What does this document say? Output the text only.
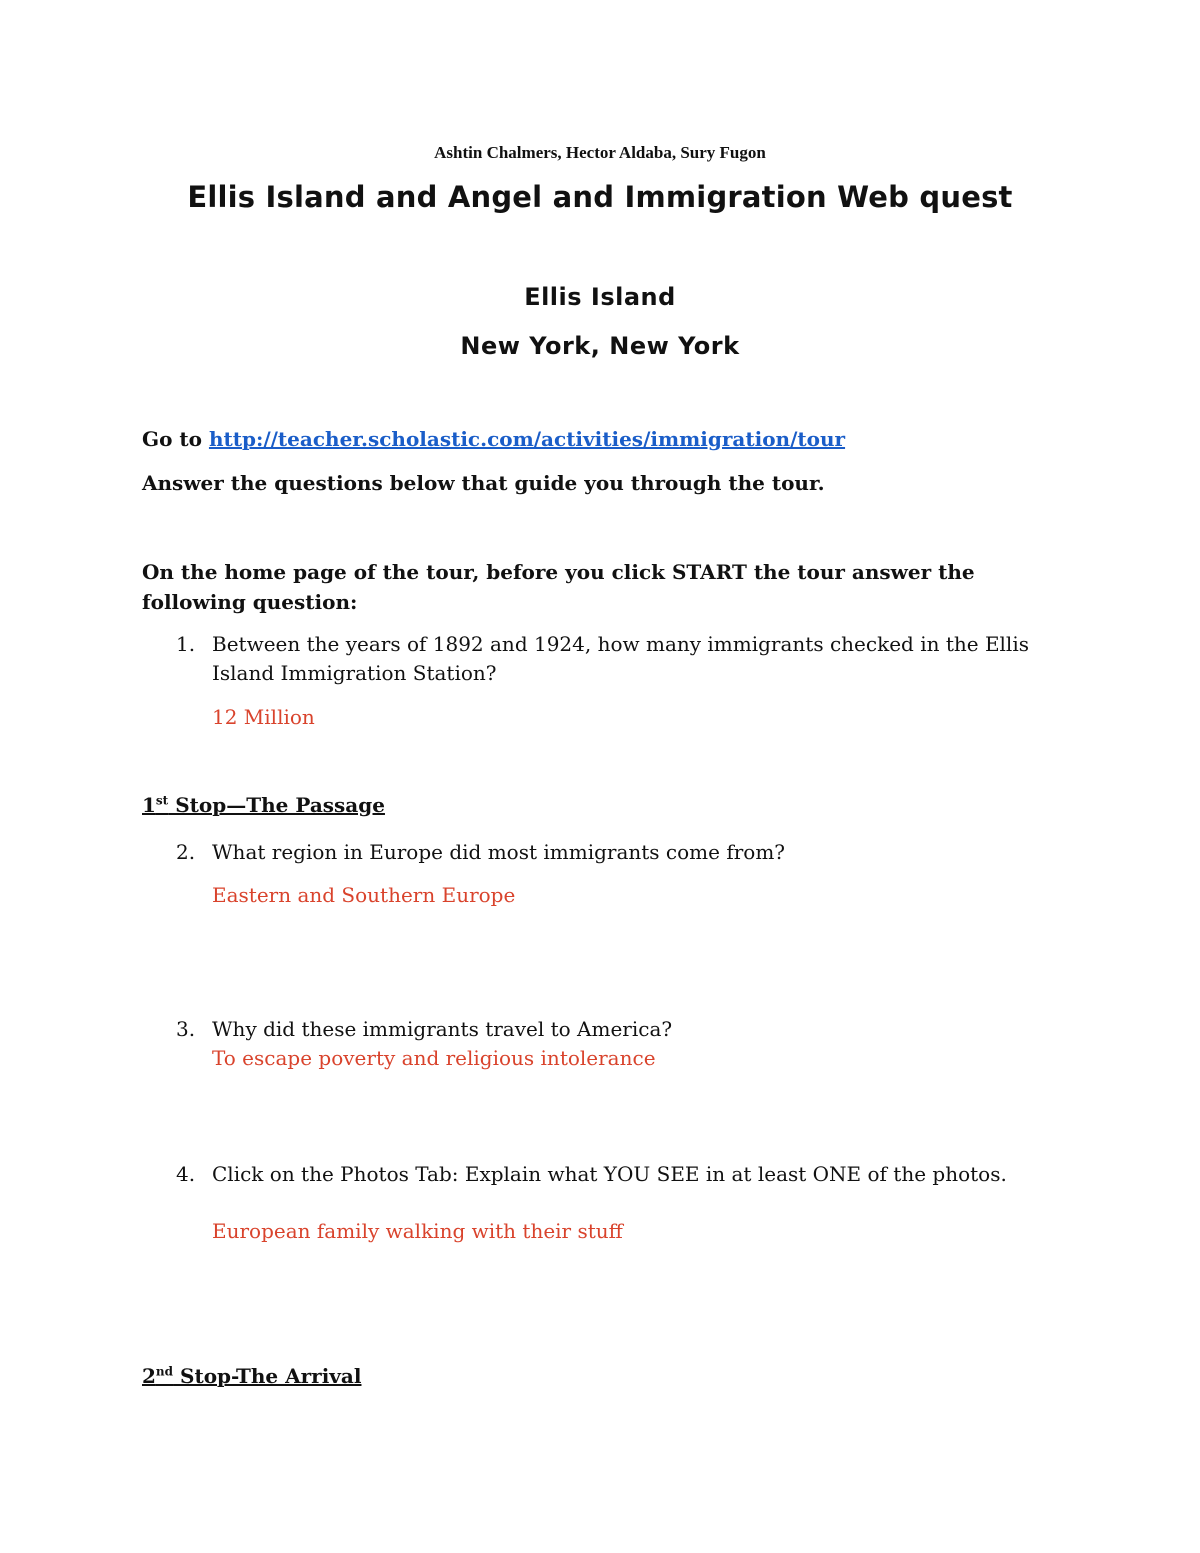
Ashtin Chalmers, Hector Aldaba, Sury Fugon
Ellis Island and Angel and Immigration Web quest
Ellis Island
New York, New York
Go to http://teacher.scholastic.com/activities/immigration/tour
Answer the questions below that guide you through the tour.
On the home page of the tour, before you click START the tour answer the following question:
1. Between the years of 1892 and 1924, how many immigrants checked in the Ellis Island Immigration Station?
12 Million
1st Stop—The Passage
2. What region in Europe did most immigrants come from?
Eastern and Southern Europe
3. Why did these immigrants travel to America?
To escape poverty and religious intolerance
4. Click on the Photos Tab: Explain what YOU SEE in at least ONE of the photos.
European family walking with their stuff
2nd Stop-The Arrival
